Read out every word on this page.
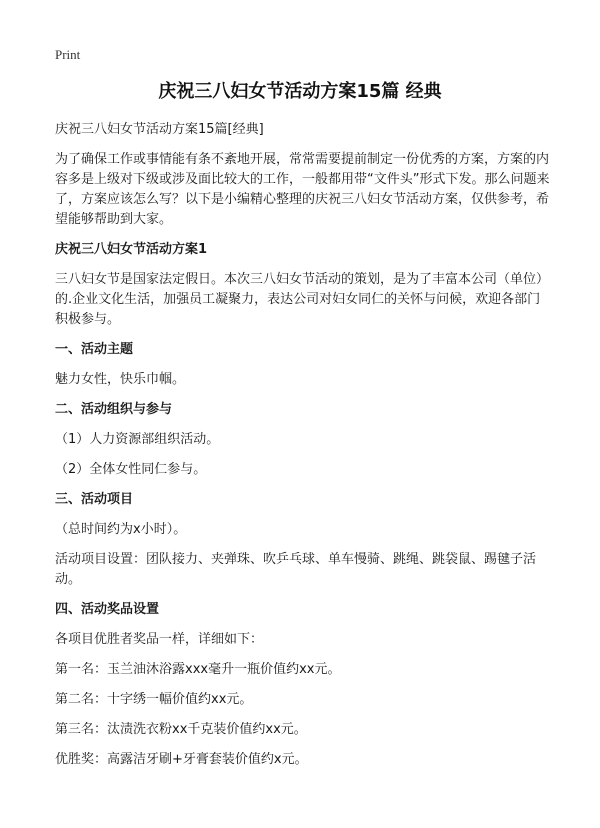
Print
庆祝三八妇女节活动方案15篇 经典

庆祝三八妇女节活动方案15篇[经典]

为了确保工作或事情能有条不紊地开展，常常需要提前制定一份优秀的方案，方案的内容多是上级对下级或涉及面比较大的工作，一般都用带“文件头”形式下发。那么问题来了，方案应该怎么写？以下是小编精心整理的庆祝三八妇女节活动方案，仅供参考，希望能够帮助到大家。

庆祝三八妇女节活动方案1

三八妇女节是国家法定假日。本次三八妇女节活动的策划，是为了丰富本公司（单位）的.企业文化生活，加强员工凝聚力，表达公司对妇女同仁的关怀与问候，欢迎各部门积极参与。

一、活动主题

魅力女性，快乐巾帼。

二、活动组织与参与

（1）人力资源部组织活动。

（2）全体女性同仁参与。

三、活动项目

（总时间约为x小时）。

活动项目设置：团队接力、夹弹珠、吹乒乓球、单车慢骑、跳绳、跳袋鼠、踢毽子活动。

四、活动奖品设置

各项目优胜者奖品一样，详细如下：

第一名：玉兰油沐浴露xxx毫升一瓶价值约xx元。

第二名：十字绣一幅价值约xx元。

第三名：汰渍洗衣粉xx千克装价值约xx元。

优胜奖：高露洁牙刷+牙膏套装价值约x元。
